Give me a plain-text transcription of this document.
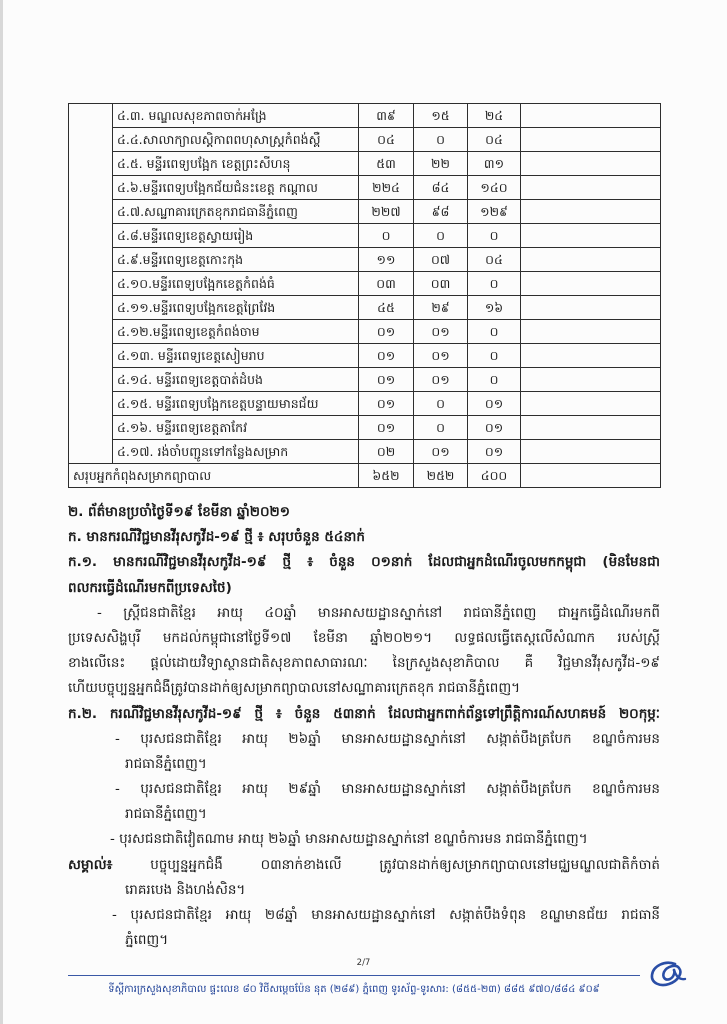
	៤.៣. មណ្ឌលសុខភាពចាក់អង្រែ	៣៩	១៥	២៤	
	៤.៤.សាលាក្យាលស្ដិកាពពហុសាស្ត្រកំពង់ស្ពឺ	០៤	០	០៤	
	៤.៥. មន្ទីរពេទ្យបង្អែក ខេត្តព្រះសីហនុ	៥៣	២២	៣១	
	៤.៦.មន្ទីរពេទ្យបង្អែកជ័យជំនះខេត្ត កណ្ដាល	២២៤	៨៤	១៤០	
	៤.៧.សណ្ឋាគារក្រេតខុករាជធានីភ្នំពេញ	២២៧	៩៨	១២៩	
	៤.៨.មន្ទីរពេទ្យខេត្តស្វាយរៀង	០	០	០	
	៤.៩.មន្ទីរពេទ្យខេត្តកោះកុង	១១	០៧	០៤	
	៤.១០.មន្ទីរពេទ្យបង្អែកខេត្តកំពង់ធំ	០៣	០៣	០	
	៤.១១.មន្ទីរពេទ្យបង្អែកខេត្តព្រៃវែង	៤៥	២៩	១៦	
	៤.១២.មន្ទីរពេទ្យខេត្តកំពង់ចាម	០១	០១	០	
	៤.១៣. មន្ទីរពេទ្យខេត្តសៀមរាប	០១	០១	០	
	៤.១៤. មន្ទីរពេទ្យខេត្តបាត់ដំបង	០១	០១	០	
	៤.១៥. មន្ទីរពេទ្យបង្អែកខេត្តបន្ទាយមានជ័យ	០១	០	០១	
	៤.១៦. មន្ទីរពេទ្យខេត្តតាកែវ	០១	០	០១	
	៤.១៧. រង់ចាំបញ្ជូនទៅកន្លែងសម្រាក	០២	០១	០១	
សរុបអ្នកកំពុងសម្រាកព្យាបាល		៦៥២	២៥២	៤០០	
២. ព័ត៌មានប្រចាំថ្ងៃទី១៩ ខែមីនា ឆ្នាំ២០២១
ក. មានករណីវិជ្ជមានវីរុសកូវីដ-១៩ ថ្មី ៖ សរុបចំនួន ៥៤នាក់
ក.១. មានករណីវិជ្ជមានវីរុសកូវីដ-១៩ ថ្មី ៖ ចំនួន ០១នាក់ ដែលជាអ្នកដំណើរចូលមកកម្ពុជា (មិនមែនជា
ពលករធ្វើដំណើរមកពីប្រទេសថៃ)
- ស្ត្រីជនជាតិខ្មែរ អាយុ ៤០ឆ្នាំ មានអាសយដ្ឋានស្នាក់នៅ រាជធានីភ្នំពេញ ជាអ្នកធ្វើដំណើរមកពី
ប្រទេសសិង្ហបុរី មកដល់កម្ពុជានៅថ្ងៃទី១៧ ខែមីនា ឆ្នាំ២០២១។ លទ្ធផលធ្វើតេស្តលើសំណាក របស់ស្ត្រី
ខាងលើនេះ ផ្ដល់ដោយវិទ្យាស្ថានជាតិសុខភាពសាធារណៈ នៃក្រសួងសុខាភិបាល គឺ វិជ្ជមានវីរុសកូវីដ-១៩
ហើយបច្ចុប្បន្នអ្នកជំងឺត្រូវបានដាក់ឲ្យសម្រាកព្យាបាលនៅសណ្ឋាគារក្រេតខុក រាជធានីភ្នំពេញ។
ក.២. ករណីវិជ្ជមានវីរុសកូវីដ-១៩ ថ្មី ៖ ចំនួន ៥៣នាក់ ដែលជាអ្នកពាក់ព័ន្ធទៅព្រឹត្តិការណ៍សហគមន៍ ២០កុម្ភៈ
- បុរសជនជាតិខ្មែរ អាយុ ២៦ឆ្នាំ មានអាសយដ្ឋានស្នាក់នៅ សង្កាត់បឹងត្របែក ខណ្ឌចំការមន
រាជធានីភ្នំពេញ។
- បុរសជនជាតិខ្មែរ អាយុ ២៩ឆ្នាំ មានអាសយដ្ឋានស្នាក់នៅ សង្កាត់បឹងត្របែក ខណ្ឌចំការមន
រាជធានីភ្នំពេញ។
- បុរសជនជាតិវៀតណាម អាយុ ២៦ឆ្នាំ មានអាសយដ្ឋានស្នាក់នៅ ខណ្ឌចំការមន រាជធានីភ្នំពេញ។
សម្គាល់៖	បច្ចុប្បន្នអ្នកជំងឺ ០៣នាក់ខាងលើ ត្រូវបានដាក់ឲ្យសម្រាកព្យាបាលនៅមជ្ឈមណ្ឌលជាតិកំចាត់
រោគរបេង និងហង់សិន។
- បុរសជនជាតិខ្មែរ អាយុ ២៨ឆ្នាំ មានអាសយដ្ឋានស្នាក់នៅ សង្កាត់បឹងទំពុន ខណ្ឌមានជ័យ រាជធានី
ភ្នំពេញ។
2/7
ទីស្តីការក្រសួងសុខាភិបាល ផ្ទះលេខ ៨០ វិថីសម្តេចប៉ែន នុត (២៨៩) ភ្នំពេញ ទូរស័ព្ទ-ទូរសារ: (៨៥៥-២៣) ៨៨៥ ៩៧០/៨៨៤ ៩០៩
